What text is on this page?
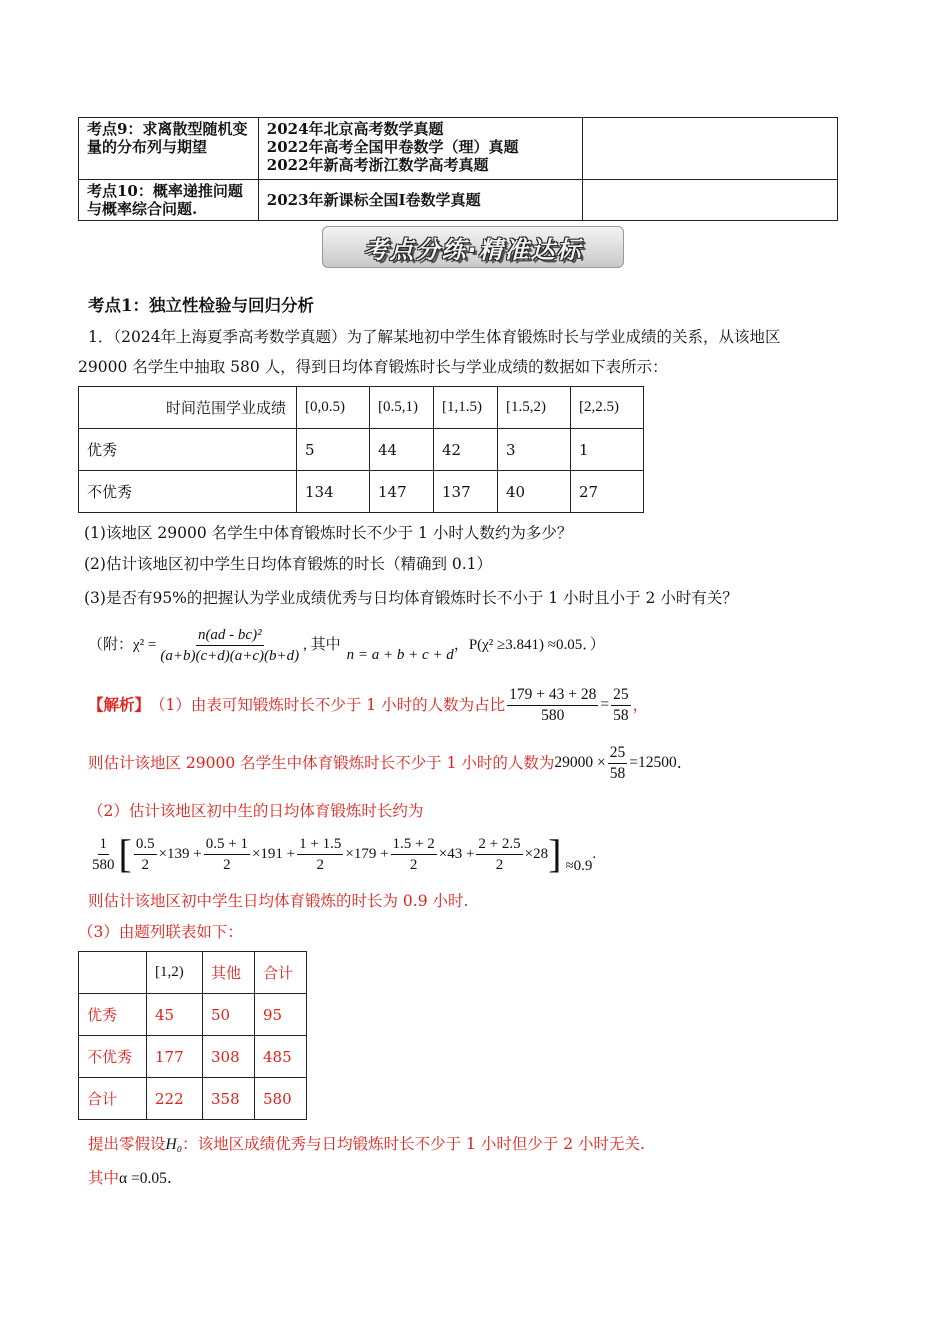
考点9：求离散型随机变量的分布列与期望	2024年北京高考数学真题
2022年高考全国甲卷数学（理）真题
2022年新高考浙江数学高考真题	

考点10：概率递推问题与概率综合问题.	2023年新课标全国Ⅰ卷数学真题	

考点分练·精准达标
考点1：独立性检验与回归分析
1．（2024年上海夏季高考数学真题）为了解某地初中学生体育锻炼时长与学业成绩的关系，从该地区
29000 名学生中抽取 580 人，得到日均体育锻炼时长与学业成绩的数据如下表所示：
时间范围学业成绩	[0,0.5)	[0.5,1)	[1,1.5)	[1.5,2)	[2,2.5)
优秀	5	44	42	3	1
不优秀	134	147	137	40	27
(1)该地区 29000 名学生中体育锻炼时长不少于 1 小时人数约为多少？
(2)估计该地区初中学生日均体育锻炼的时长（精确到 0.1）
(3)是否有95%的把握认为学业成绩优秀与日均体育锻炼时长不小于 1 小时且小于 2 小时有关？
（附：$\chi^2 = \frac{\text{n(ad - bc)²}}{(a+b)(c+d)(a+c)(b+d)}$ , 其中
n = a + b + c + d
，P(χ² ≥3.841) ≈0.05．）
【解析】 （1）由表可知锻炼时长不少于 1 小时的人数为占比 $\frac{179 + 43 + 28}{580} = \frac{25}{58}$ ，
则估计该地区 29000 名学生中体育锻炼时长不少于 1 小时的人数为 $29000 \times \frac{25}{58} =12500$ .
（2）估计该地区初中生的日均体育锻炼时长约为
$\frac{1}{580}$ [ $\frac{0.5}{2} \times 139 + \frac{0.5 + 1}{2} \times 191 + \frac{1 + 1.5}{2} \times 179 + \frac{1.5 + 2}{2} \times 43 + \frac{2 + 2.5}{2} \times 28$ ] ≈0.9
.
则估计该地区初中学生日均体育锻炼的时长为 0.9 小时.
（3）由题列联表如下：
	[1,2)	其他	合计
优秀	45	50	95
不优秀	177	308	485
合计	222	358	580
提出零假设H₀：该地区成绩优秀与日均锻炼时长不少于 1 小时但少于 2 小时无关.
其中α =0.05.
